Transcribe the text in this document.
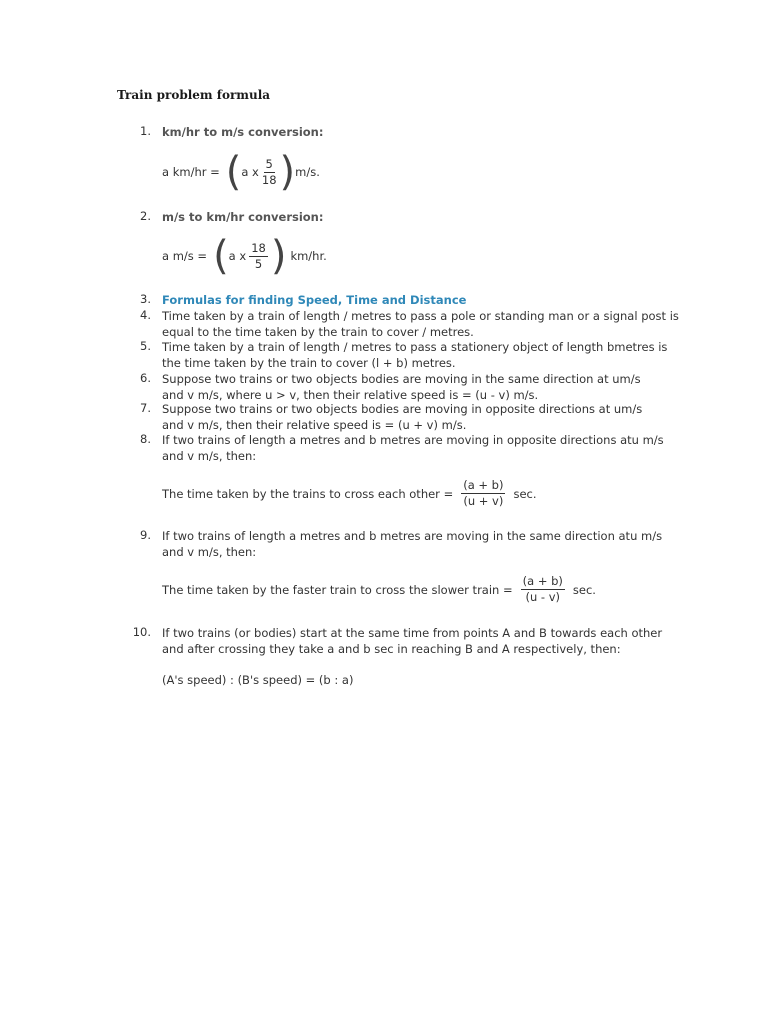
Train problem formula
1. km/hr to m/s conversion:
a km/hr = ( a x $\frac{5}{18}$ ) m/s.
2. m/s to km/hr conversion:
a m/s = ( a x $\frac{18}{5}$ ) km/hr.
3. Formulas for finding Speed, Time and Distance
4. Time taken by a train of length / metres to pass a pole or standing man or a signal post is
equal to the time taken by the train to cover / metres.
5. Time taken by a train of length / metres to pass a stationery object of length bmetres is
the time taken by the train to cover (l + b) metres.
6. Suppose two trains or two objects bodies are moving in the same direction at um/s
and v m/s, where u > v, then their relative speed is = (u - v) m/s.
7. Suppose two trains or two objects bodies are moving in opposite directions at um/s
and v m/s, then their relative speed is = (u + v) m/s.
8. If two trains of length a metres and b metres are moving in opposite directions atu m/s
and v m/s, then:
The time taken by the trains to cross each other = $\frac{(a + b)}{(u + v)} \sec$.
9. If two trains of length a metres and b metres are moving in the same direction atu m/s
and v m/s, then:
The time taken by the faster train to cross the slower train = $\frac{(a + b)}{(u - v)} \sec$.
10. If two trains (or bodies) start at the same time from points A and B towards each other
and after crossing they take a and b sec in reaching B and A respectively, then:
(A's speed) : (B's speed) = (b : a)
